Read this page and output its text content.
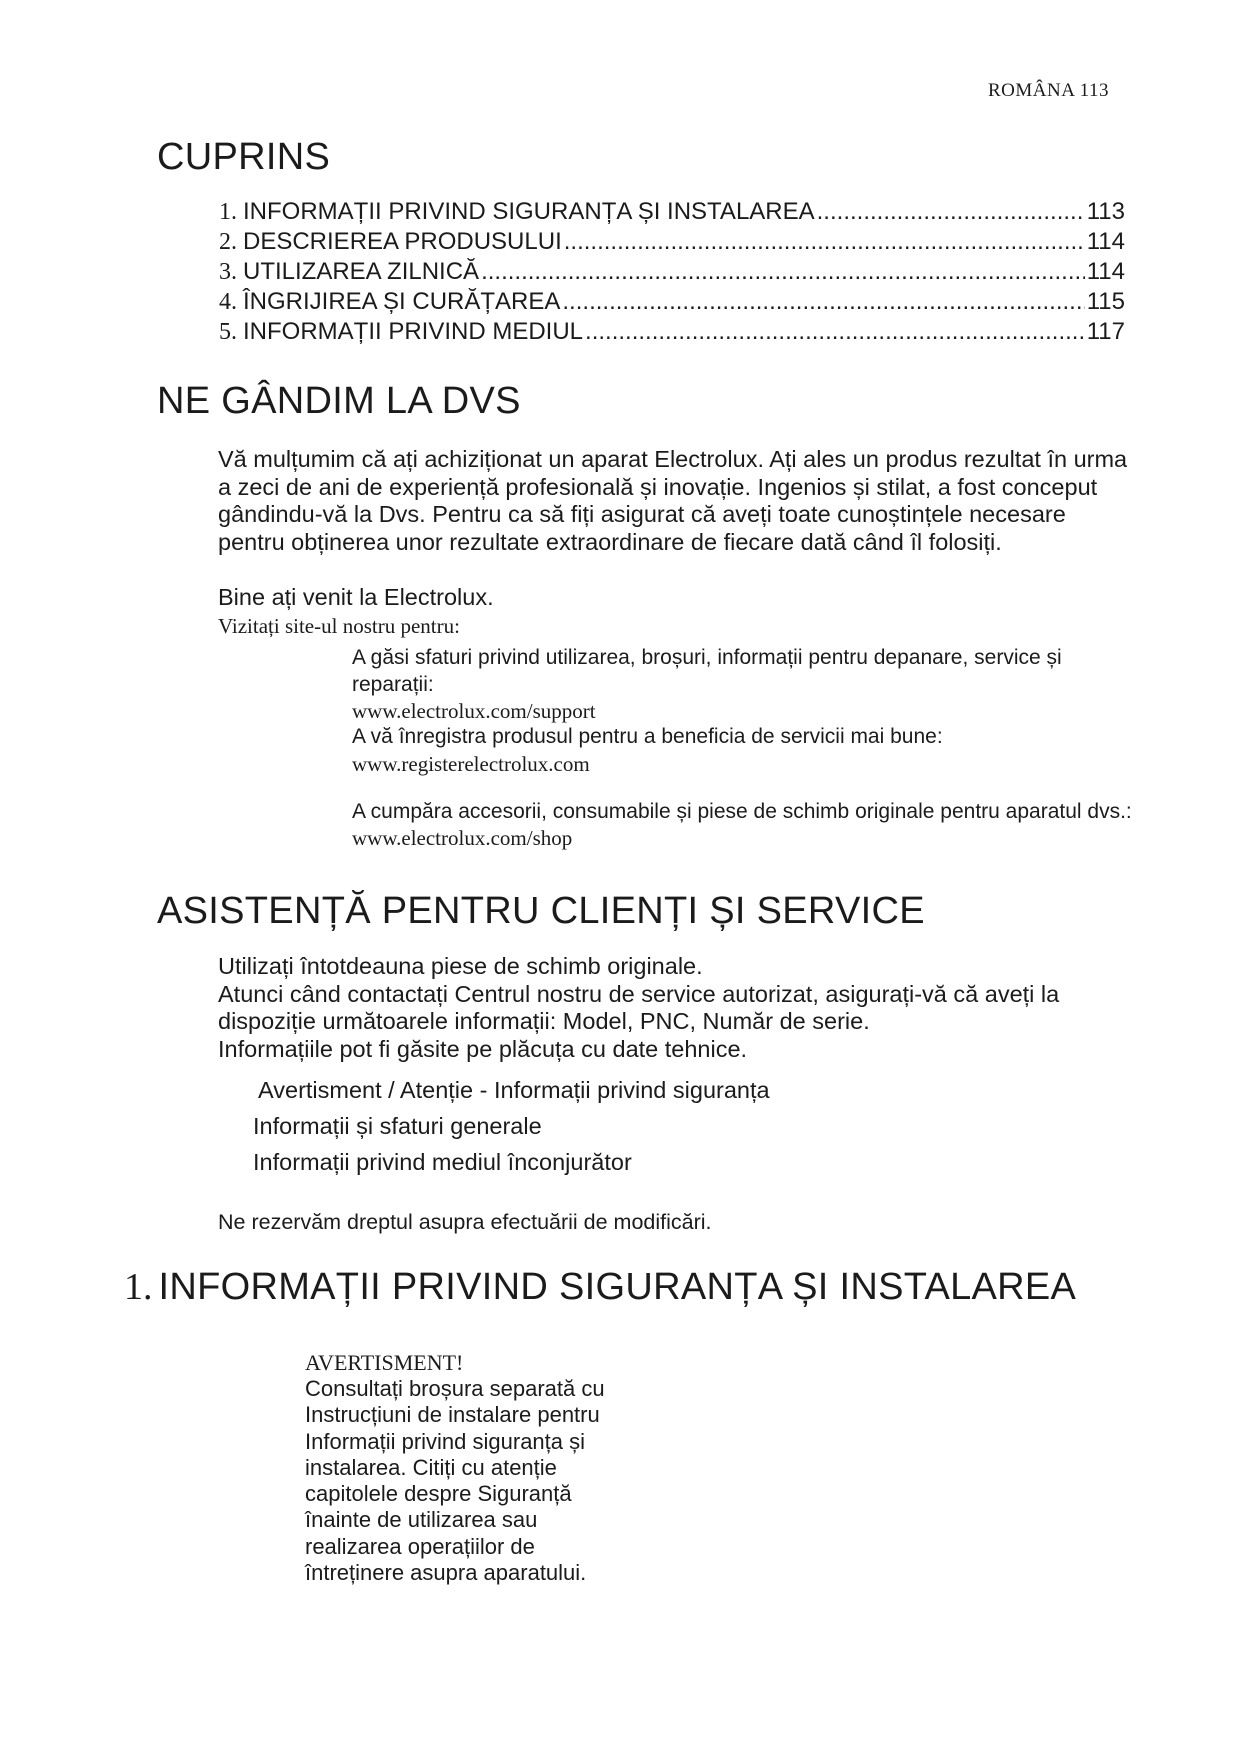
ROMÂNA 113
CUPRINS
1. INFORMAȚII PRIVIND SIGURANȚA ȘI INSTALAREA .....	113
2. DESCRIEREA PRODUSULUI .....	114
3. UTILIZAREA ZILNICĂ .....	114
4. ÎNGRIJIREA ȘI CURĂȚAREA .....	115
5. INFORMAȚII PRIVIND MEDIUL .....	117
NE GÂNDIM LA DVS
Vă mulțumim că ați achiziționat un aparat Electrolux. Ați ales un produs rezultat în urma a zeci de ani de experiență profesională și inovație. Ingenios și stilat, a fost conceput gândindu-vă la Dvs. Pentru ca să fiți asigurat că aveți toate cunoștințele necesare pentru obținerea unor rezultate extraordinare de fiecare dată când îl folosiți.
Bine ați venit la Electrolux.
Vizitați site-ul nostru pentru:
A găsi sfaturi privind utilizarea, broșuri, informații pentru depanare, service și reparații:
www.electrolux.com/support
A vă înregistra produsul pentru a beneficia de servicii mai bune:
www.registerelectrolux.com
A cumpăra accesorii, consumabile și piese de schimb originale pentru aparatul dvs.:
www.electrolux.com/shop
ASISTENȚĂ PENTRU CLIENȚI ȘI SERVICE
Utilizați întotdeauna piese de schimb originale.
Atunci când contactați Centrul nostru de service autorizat, asigurați-vă că aveți la dispoziție următoarele informații: Model, PNC, Număr de serie.
Informațiile pot fi găsite pe plăcuța cu date tehnice.
Avertisment / Atenție - Informații privind siguranța
Informații și sfaturi generale
Informații privind mediul înconjurător
Ne rezervăm dreptul asupra efectuării de modificări.
1. INFORMAȚII PRIVIND SIGURANȚA ȘI INSTALAREA
AVERTISMENT!
Consultați broșura separată cu Instrucțiuni de instalare pentru Informații privind siguranța și instalarea. Citiți cu atenție capitolele despre Siguranță înainte de utilizarea sau realizarea operațiilor de întreținere asupra aparatului.
